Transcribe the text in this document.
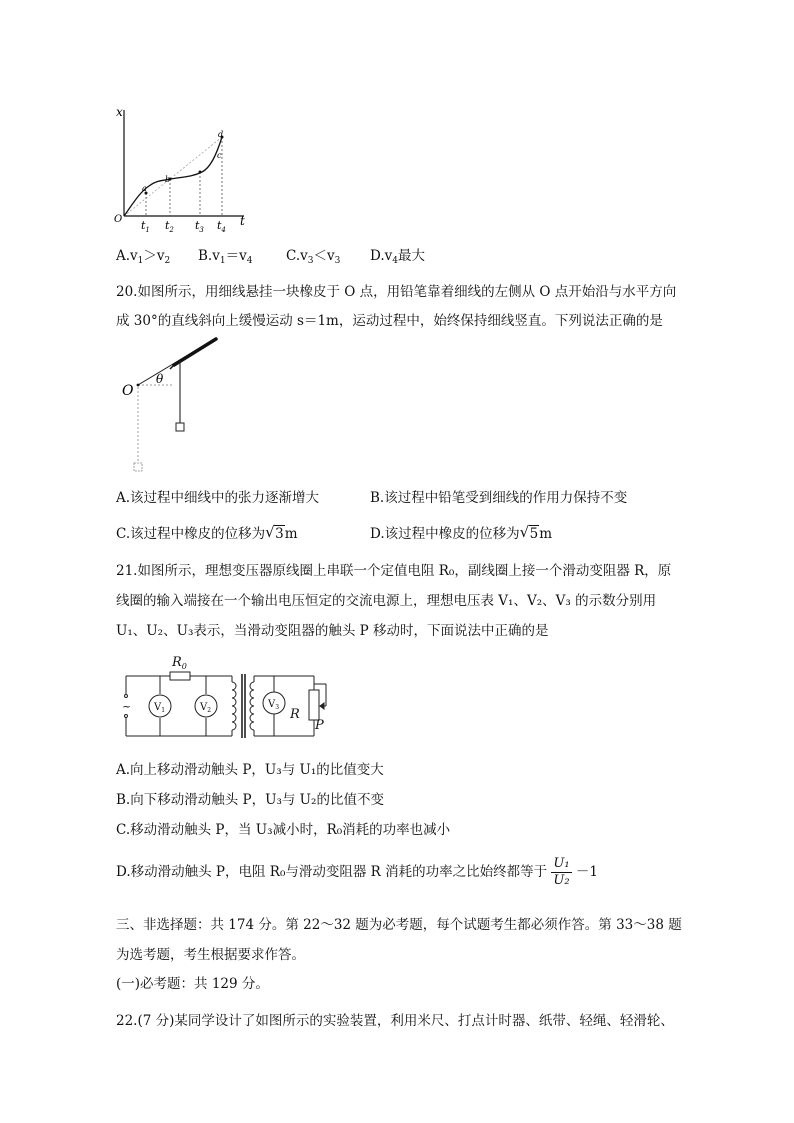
x
t
O
a
b
c
d
$t_1$ $t_2$ $t_3$ $t_4$
$A.v_1>v_2$ $B.v_1=v_4$ $C.v_3<v_3$ $D.v_4$最大
20.如图所示，用细线悬挂一块橡皮于 O 点，用铅笔靠着细线的左侧从 O 点开始沿与水平方向
成 30°的直线斜向上缓慢运动 s＝1m，运动过程中，始终保持细线竖直。下列说法正确的是
O
θ
A.该过程中细线中的张力逐渐增大	B.该过程中铅笔受到细线的作用力保持不变
C.该过程中橡皮的位移为 √ 3m	D.该过程中橡皮的位移为 √ 5m
21.如图所示，理想变压器原线圈上串联一个定值电阻 R₀，副线圈上接一个滑动变阻器 R，原
线圈的输入端接在一个输出电压恒定的交流电源上，理想电压表 V₁、V₂、V₃ 的示数分别用
U₁、U₂、U₃表示，当滑动变阻器的触头 P 移动时，下面说法中正确的是
$R_0$
R
P
$V_1$	$V_2$
$V_3$
~
A.向上移动滑动触头 P，U₃与 U₁的比值变大
B.向下移动滑动触头 P，U₃与 U₂的比值不变
C.移动滑动触头 P，当 U₃减小时，R₀消耗的功率也减小
D.移动滑动触头 P，电阻 R₀与滑动变阻器 R 消耗的功率之比始终都等于 $\frac{\text{U₁}}{\text{U₂}} -1$
三、非选择题：共 174 分。第 22～32 题为必考题，每个试题考生都必须作答。第 33～38 题
为选考题，考生根据要求作答。
(一)必考题：共 129 分。
22.(7 分)某同学设计了如图所示的实验装置，利用米尺、打点计时器、纸带、轻绳、轻滑轮、
